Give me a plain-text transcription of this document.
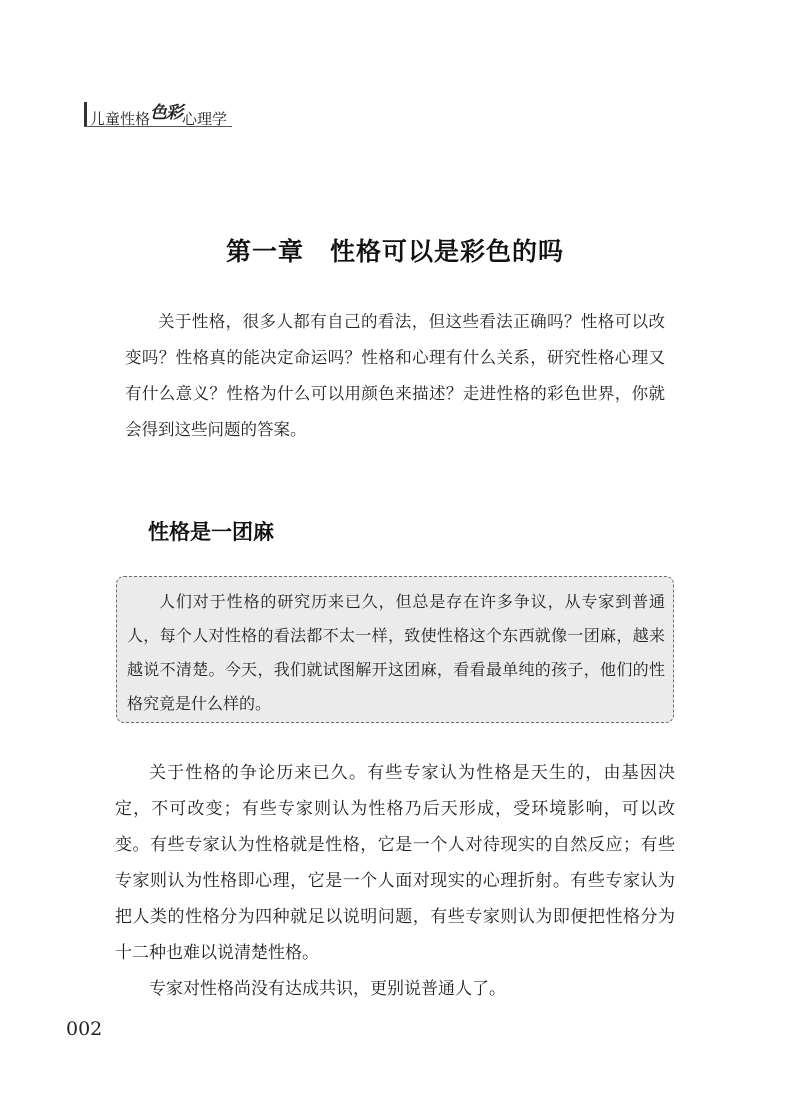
儿童性格色彩心理学
第一章　性格可以是彩色的吗

关于性格，很多人都有自己的看法，但这些看法正确吗？性格可以改变吗？性格真的能决定命运吗？性格和心理有什么关系，研究性格心理又有什么意义？性格为什么可以用颜色来描述？走进性格的彩色世界，你就会得到这些问题的答案。

性格是一团麻

人们对于性格的研究历来已久，但总是存在许多争议，从专家到普通人，每个人对性格的看法都不太一样，致使性格这个东西就像一团麻，越来越说不清楚。今天，我们就试图解开这团麻，看看最单纯的孩子，他们的性格究竟是什么样的。

关于性格的争论历来已久。有些专家认为性格是天生的，由基因决定，不可改变；有些专家则认为性格乃后天形成，受环境影响，可以改变。有些专家认为性格就是性格，它是一个人对待现实的自然反应；有些专家则认为性格即心理，它是一个人面对现实的心理折射。有些专家认为把人类的性格分为四种就足以说明问题，有些专家则认为即便把性格分为十二种也难以说清楚性格。

专家对性格尚没有达成共识，更别说普通人了。

002
